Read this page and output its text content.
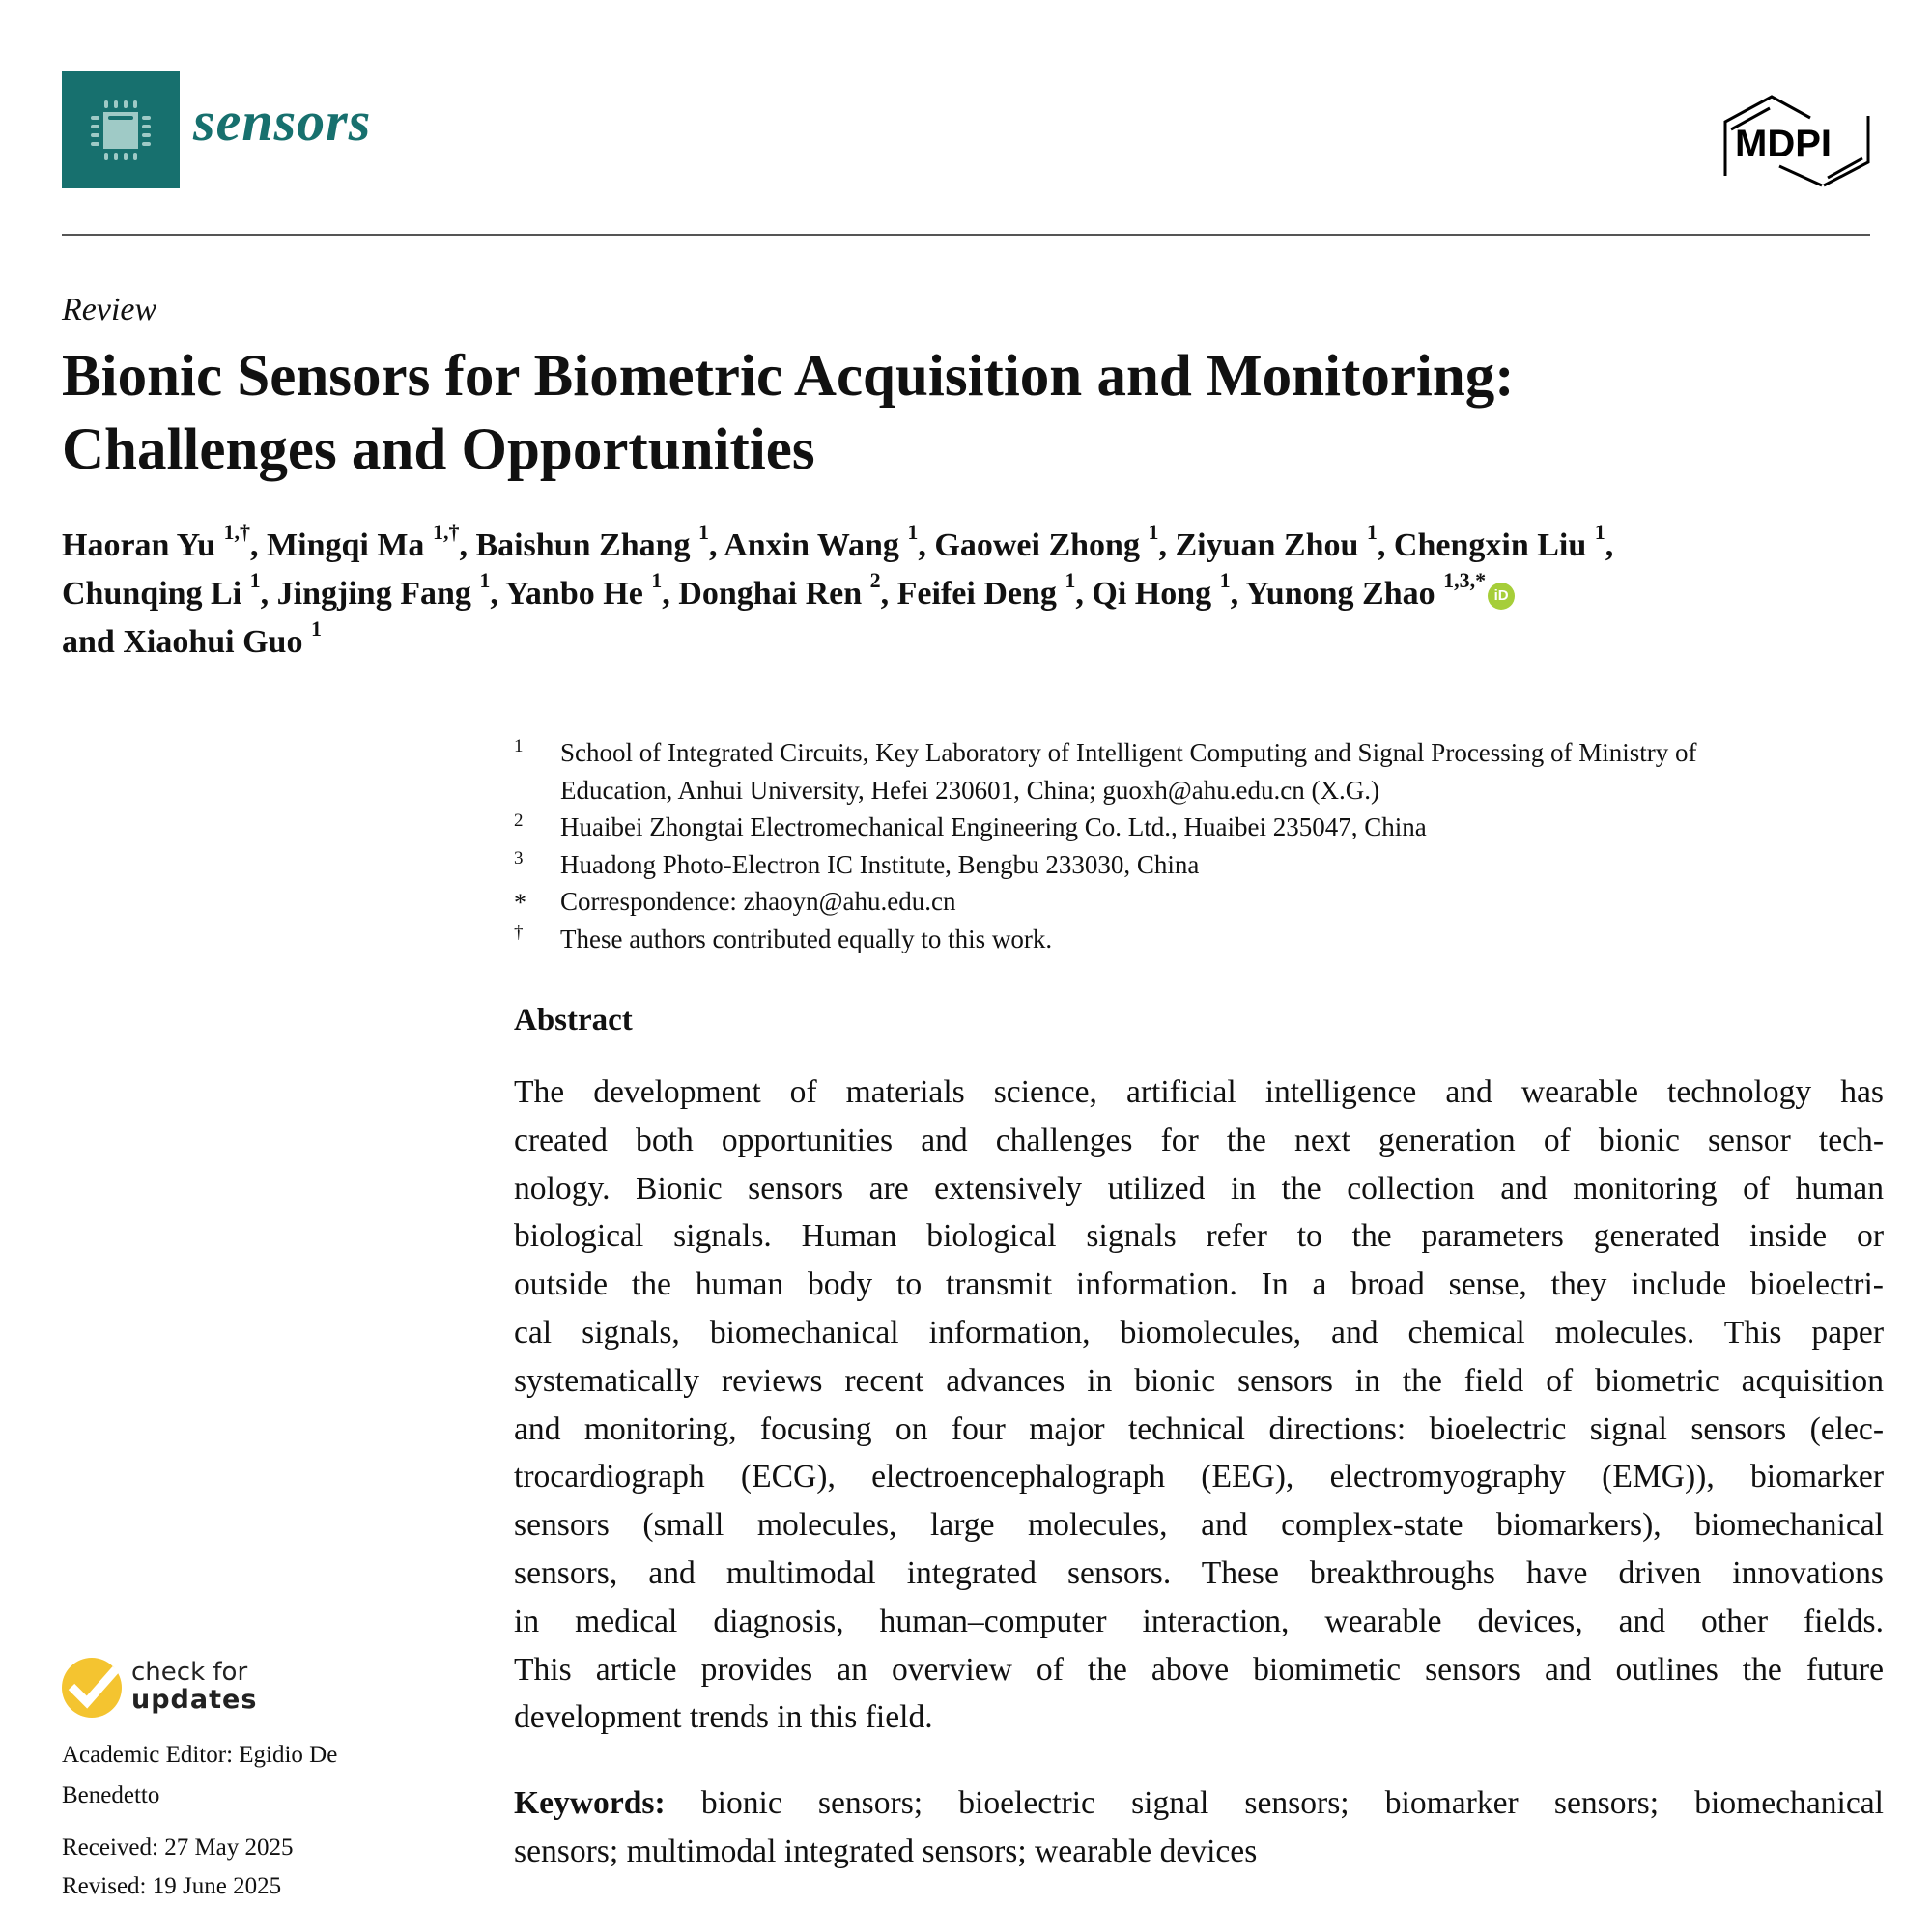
sensors	MDPI
Review
Bionic Sensors for Biometric Acquisition and Monitoring:
Challenges and Opportunities
Haoran Yu $^{1,\dagger}$, Mingqi Ma $^{1,\dagger}$, Baishun Zhang $^1$, Anxin Wang $^1$, Gaowei Zhong $^1$, Ziyuan Zhou $^1$, Chengxin Liu $^1$,
Chunqing Li $^1$, Jingjing Fang $^1$, Yanbo He $^1$, Donghai Ren $^2$, Feifei Deng $^1$, Qi Hong $^1$, Yunong Zhao $^{1,3,*}$iD
and Xiaohui Guo $^1$
1 School of Integrated Circuits, Key Laboratory of Intelligent Computing and Signal Processing of Ministry of
Education, Anhui University, Hefei 230601, China; guoxh@ahu.edu.cn (X.G.)
2 Huaibei Zhongtai Electromechanical Engineering Co. Ltd., Huaibei 235047, China
3 Huadong Photo-Electron IC Institute, Bengbu 233030, China
* Correspondence: zhaoyn@ahu.edu.cn
† These authors contributed equally to this work.
Abstract
The development of materials science, artificial intelligence and wearable technology has
created both opportunities and challenges for the next generation of bionic sensor tech-
nology. Bionic sensors are extensively utilized in the collection and monitoring of human
biological signals. Human biological signals refer to the parameters generated inside or
outside the human body to transmit information. In a broad sense, they include bioelectri-
cal signals, biomechanical information, biomolecules, and chemical molecules. This paper
systematically reviews recent advances in bionic sensors in the field of biometric acquisition
and monitoring, focusing on four major technical directions: bioelectric signal sensors (elec-
trocardiograph (ECG), electroencephalograph (EEG), electromyography (EMG)), biomarker
sensors (small molecules, large molecules, and complex-state biomarkers), biomechanical
sensors, and multimodal integrated sensors. These breakthroughs have driven innovations
in medical diagnosis, human–computer interaction, wearable devices, and other fields.
This article provides an overview of the above biomimetic sensors and outlines the future
development trends in this field.
Keywords: bionic sensors; bioelectric signal sensors; biomarker sensors; biomechanical
sensors; multimodal integrated sensors; wearable devices
check for
updates
Academic Editor: Egidio De
Benedetto
Received: 27 May 2025
Revised: 19 June 2025
